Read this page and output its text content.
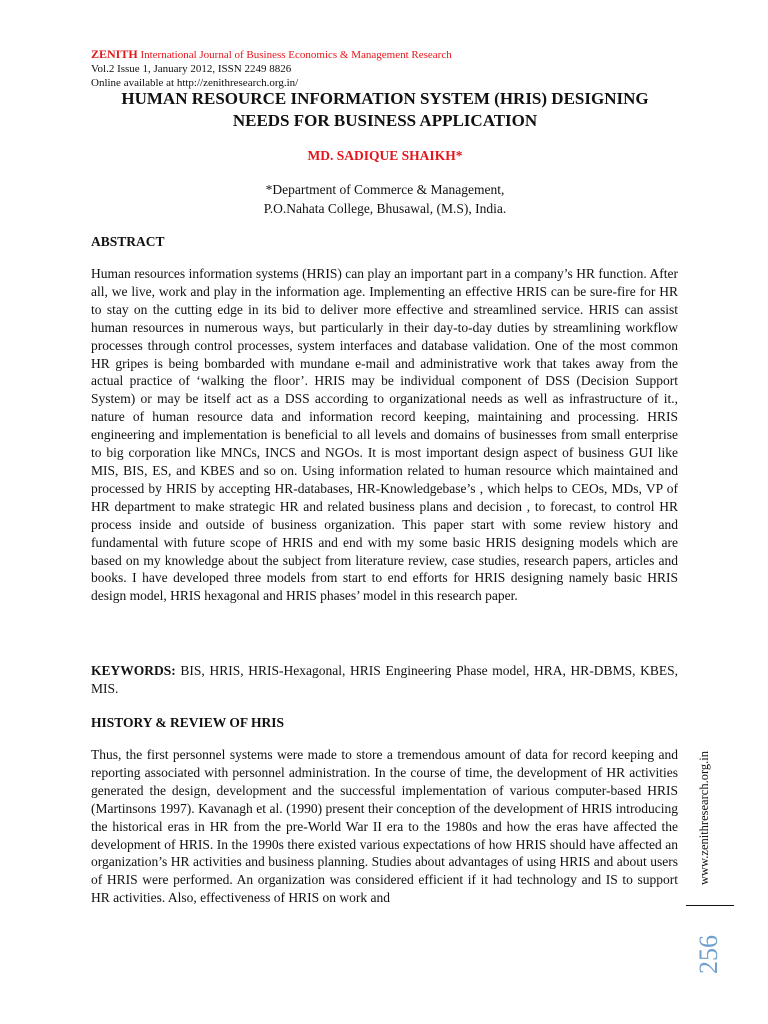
ZENITH International Journal of Business Economics & Management Research
Vol.2 Issue 1, January 2012, ISSN 2249 8826
Online available at http://zenithresearch.org.in/
HUMAN RESOURCE INFORMATION SYSTEM (HRIS) DESIGNING
NEEDS FOR BUSINESS APPLICATION
MD. SADIQUE SHAIKH*
*Department of Commerce & Management,
P.O.Nahata College, Bhusawal, (M.S), India.
ABSTRACT

Human resources information systems (HRIS) can play an important part in a company’s HR function. After all, we live, work and play in the information age. Implementing an effective HRIS can be sure-fire for HR to stay on the cutting edge in its bid to deliver more effective and streamlined service. HRIS can assist human resources in numerous ways, but particularly in their day-to-day duties by streamlining workflow processes through control processes, system interfaces and database validation. One of the most common HR gripes is being bombarded with mundane e-mail and administrative work that takes away from the actual practice of ‘walking the floor’. HRIS may be individual component of DSS (Decision Support System) or may be itself act as a DSS according to organizational needs as well as infrastructure of it., nature of human resource data and information record keeping, maintaining and processing. HRIS engineering and implementation is beneficial to all levels and domains of businesses from small enterprise to big corporation like MNCs, INCS and NGOs. It is most important design aspect of business GUI like MIS, BIS, ES, and KBES and so on. Using information related to human resource which maintained and processed by HRIS by accepting HR-databases, HR-Knowledgebase’s , which helps to CEOs, MDs, VP of HR department to make strategic HR and related business plans and decision , to forecast, to control HR process inside and outside of business organization. This paper start with some review history and fundamental with future scope of HRIS and end with my some basic HRIS designing models which are based on my knowledge about the subject from literature review, case studies, research papers, articles and books. I have developed three models from start to end efforts for HRIS designing namely basic HRIS design model, HRIS hexagonal and HRIS phases’ model in this research paper.

KEYWORDS: BIS, HRIS, HRIS-Hexagonal, HRIS Engineering Phase model, HRA, HR-DBMS, KBES, MIS.

HISTORY & REVIEW OF HRIS

Thus, the first personnel systems were made to store a tremendous amount of data for record keeping and reporting associated with personnel administration. In the course of time, the development of HR activities generated the design, development and the successful implementation of various computer-based HRIS (Martinsons 1997). Kavanagh et al. (1990) present their conception of the development of HRIS introducing the historical eras in HR from the pre-World War II era to the 1980s and how the eras have affected the development of HRIS. In the 1990s there existed various expectations of how HRIS should have affected an organization’s HR activities and business planning. Studies about advantages of using HRIS and about users of HRIS were performed. An organization was considered efficient if it had technology and IS to support HR activities. Also, effectiveness of HRIS on work and

www.zenithresearch.org.in
256
